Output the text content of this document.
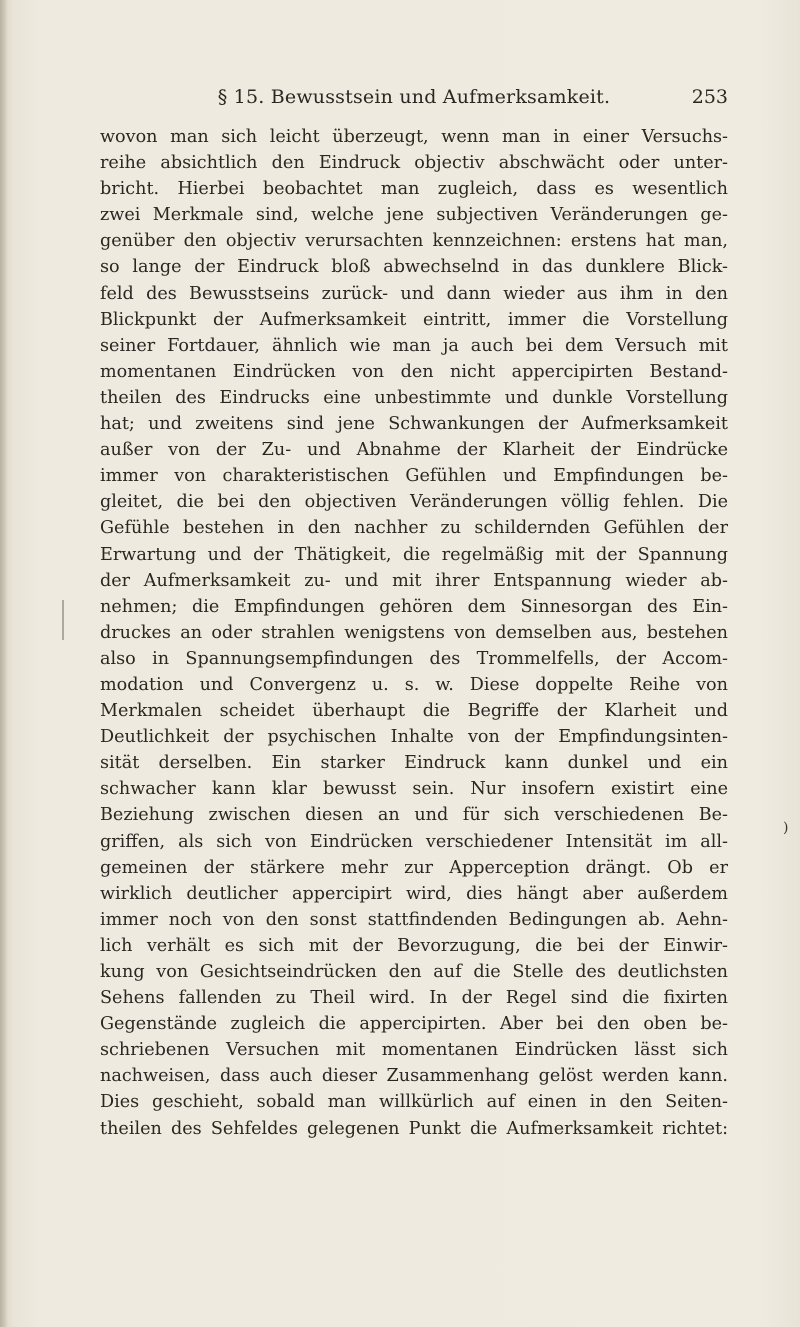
§ 15. Bewusstsein und Aufmerksamkeit.	253
wovon man sich leicht überzeugt, wenn man in einer Versuchs-
reihe absichtlich den Eindruck objectiv abschwächt oder unter-
bricht. Hierbei beobachtet man zugleich, dass es wesentlich
zwei Merkmale sind, welche jene subjectiven Veränderungen ge-
genüber den objectiv verursachten kennzeichnen: erstens hat man,
so lange der Eindruck bloß abwechselnd in das dunklere Blick-
feld des Bewusstseins zurück- und dann wieder aus ihm in den
Blickpunkt der Aufmerksamkeit eintritt, immer die Vorstellung
seiner Fortdauer, ähnlich wie man ja auch bei dem Versuch mit
momentanen Eindrücken von den nicht appercipirten Bestand-
theilen des Eindrucks eine unbestimmte und dunkle Vorstellung
hat; und zweitens sind jene Schwankungen der Aufmerksamkeit
außer von der Zu- und Abnahme der Klarheit der Eindrücke
immer von charakteristischen Gefühlen und Empfindungen be-
gleitet, die bei den objectiven Veränderungen völlig fehlen. Die
Gefühle bestehen in den nachher zu schildernden Gefühlen der
Erwartung und der Thätigkeit, die regelmäßig mit der Spannung
der Aufmerksamkeit zu- und mit ihrer Entspannung wieder ab-
nehmen; die Empfindungen gehören dem Sinnesorgan des Ein-
druckes an oder strahlen wenigstens von demselben aus, bestehen
also in Spannungsempfindungen des Trommelfells, der Accom-
modation und Convergenz u. s. w. Diese doppelte Reihe von
Merkmalen scheidet überhaupt die Begriffe der Klarheit und
Deutlichkeit der psychischen Inhalte von der Empfindungsinten-
sität derselben. Ein starker Eindruck kann dunkel und ein
schwacher kann klar bewusst sein. Nur insofern existirt eine
Beziehung zwischen diesen an und für sich verschiedenen Be-
griffen, als sich von Eindrücken verschiedener Intensität im all-
gemeinen der stärkere mehr zur Apperception drängt. Ob er
wirklich deutlicher appercipirt wird, dies hängt aber außerdem
immer noch von den sonst stattfindenden Bedingungen ab. Aehn-
lich verhält es sich mit der Bevorzugung, die bei der Einwir-
kung von Gesichtseindrücken den auf die Stelle des deutlichsten
Sehens fallenden zu Theil wird. In der Regel sind die fixirten
Gegenstände zugleich die appercipirten. Aber bei den oben be-
schriebenen Versuchen mit momentanen Eindrücken lässt sich
nachweisen, dass auch dieser Zusammenhang gelöst werden kann.
Dies geschieht, sobald man willkürlich auf einen in den Seiten-
theilen des Sehfeldes gelegenen Punkt die Aufmerksamkeit richtet:
)
